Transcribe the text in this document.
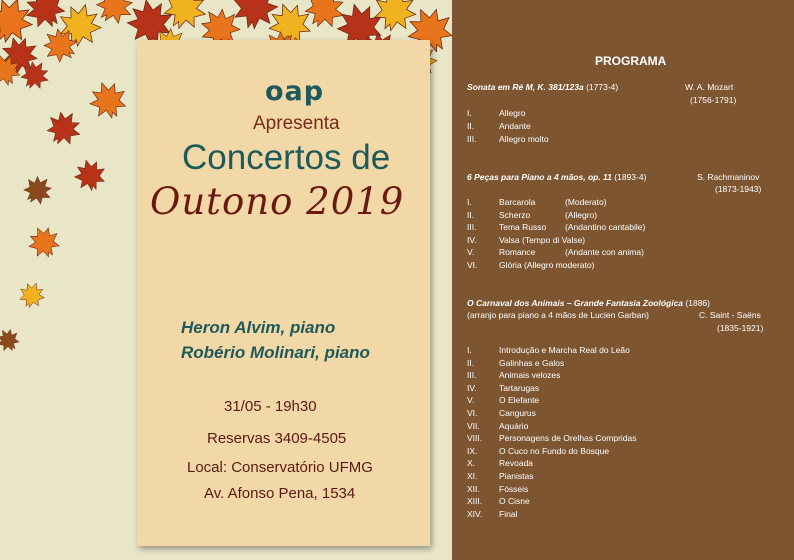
oap
Apresenta
Concertos de
Outono 2019
Heron Alvim, piano
Robério Molinari, piano
31/05 - 19h30
Reservas 3409-4505
Local: Conservatório UFMG
Av. Afonso Pena, 1534
PROGRAMA
Sonata em Ré M, K. 381/123a (1773-4)	W. A. Mozart
(1756-1791)
I.	Allegro
II.	Andante
III.	Allegro molto
6 Peças para Piano a 4 mãos, op. 11 (1893-4)	S. Rachmaninov
(1873-1943)
I.	Barcarola	(Moderato)
II.	Scherzo	(Allegro)
III.	Tema Russo (Andantino cantabile)
IV.	Valsa (Tempo di Valse)
V.	Romance	(Andante con anima)
VI.	Glória (Allegro moderato)
O Carnaval dos Animais – Grande Fantasia Zoológica (1886)
(arranjo para piano a 4 mãos de Lucien Garban)	C. Saint - Saëns
(1835-1921)
I.	Introdução e Marcha Real do Leão
II.	Galinhas e Galos
III.	Animais velozes
IV.	Tartarugas
V.	O Elefante
VI.	Cangurus
VII. Aquário
VIII. Personagens de Orelhas Compridas
IX.	O Cuco no Fundo do Bosque
X.	Revoada
XI.	Pianistas
XII. Fósseis
XIII. O Cisne
XIV. Final
